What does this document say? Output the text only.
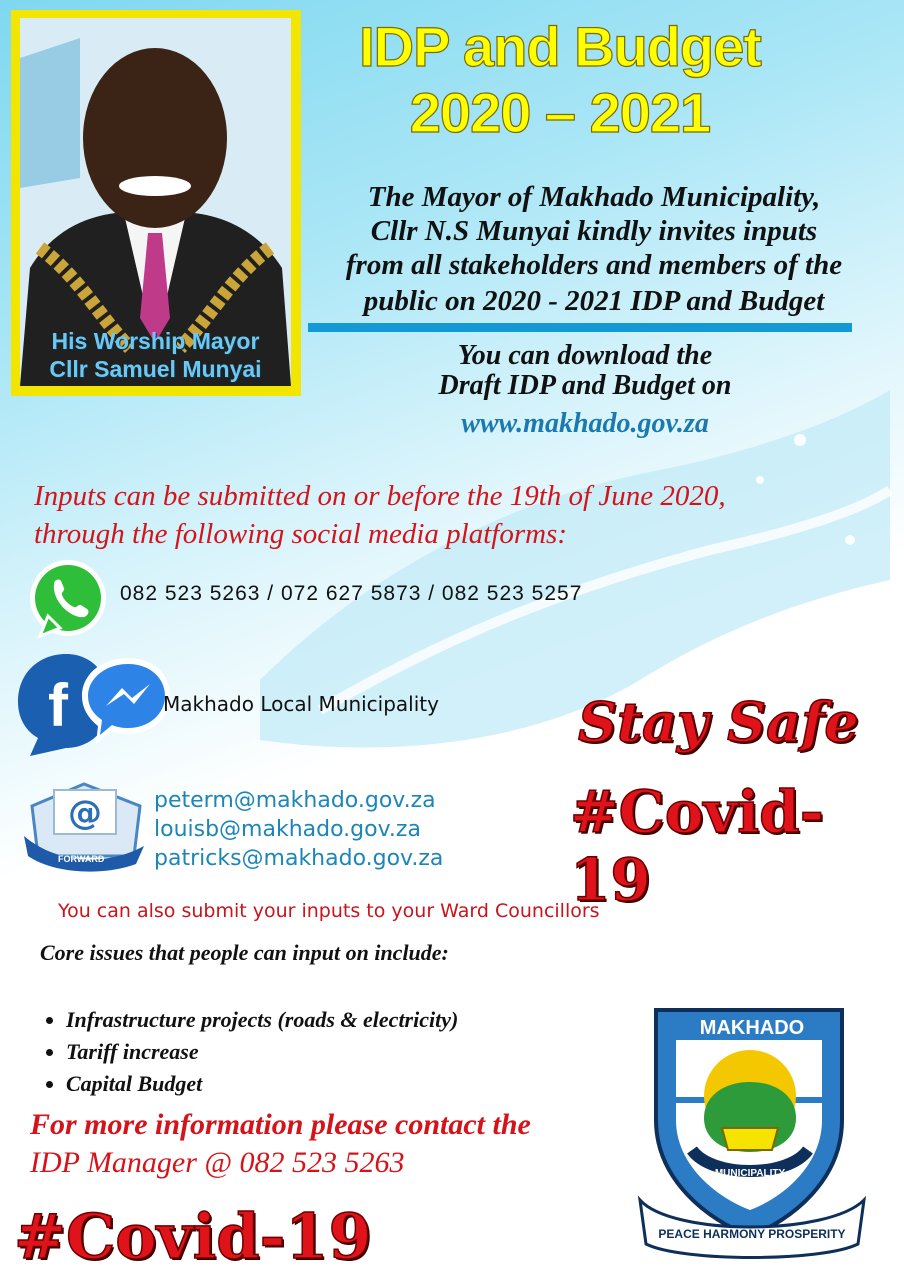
His Worship Mayor
Cllr Samuel Munyai
IDP and Budget
2020 – 2021
The Mayor of Makhado Municipality,
Cllr N.S Munyai kindly invites inputs
from all stakeholders and members of the
public on 2020 - 2021 IDP and Budget
You can download the
Draft IDP and Budget on
www.makhado.gov.za
Inputs can be submitted on or before the 19th of June 2020,
through the following social media platforms:
082 523 5263 / 072 627 5873 / 082 523 5257
f	Makhado Local Municipality
@
FORWARD
peterm@makhado.gov.za
louisb@makhado.gov.za
patricks@makhado.gov.za
Stay Safe
#Covid-19
You can also submit your inputs to your Ward Councillors
Core issues that people can input on include:
• Infrastructure projects (roads & electricity)
• Tariff increase
• Capital Budget
For more information please contact the
IDP Manager @ 082 523 5263
#Covid-19
MAKHADO
MUNICIPALITY
PEACE HARMONY PROSPERITY
